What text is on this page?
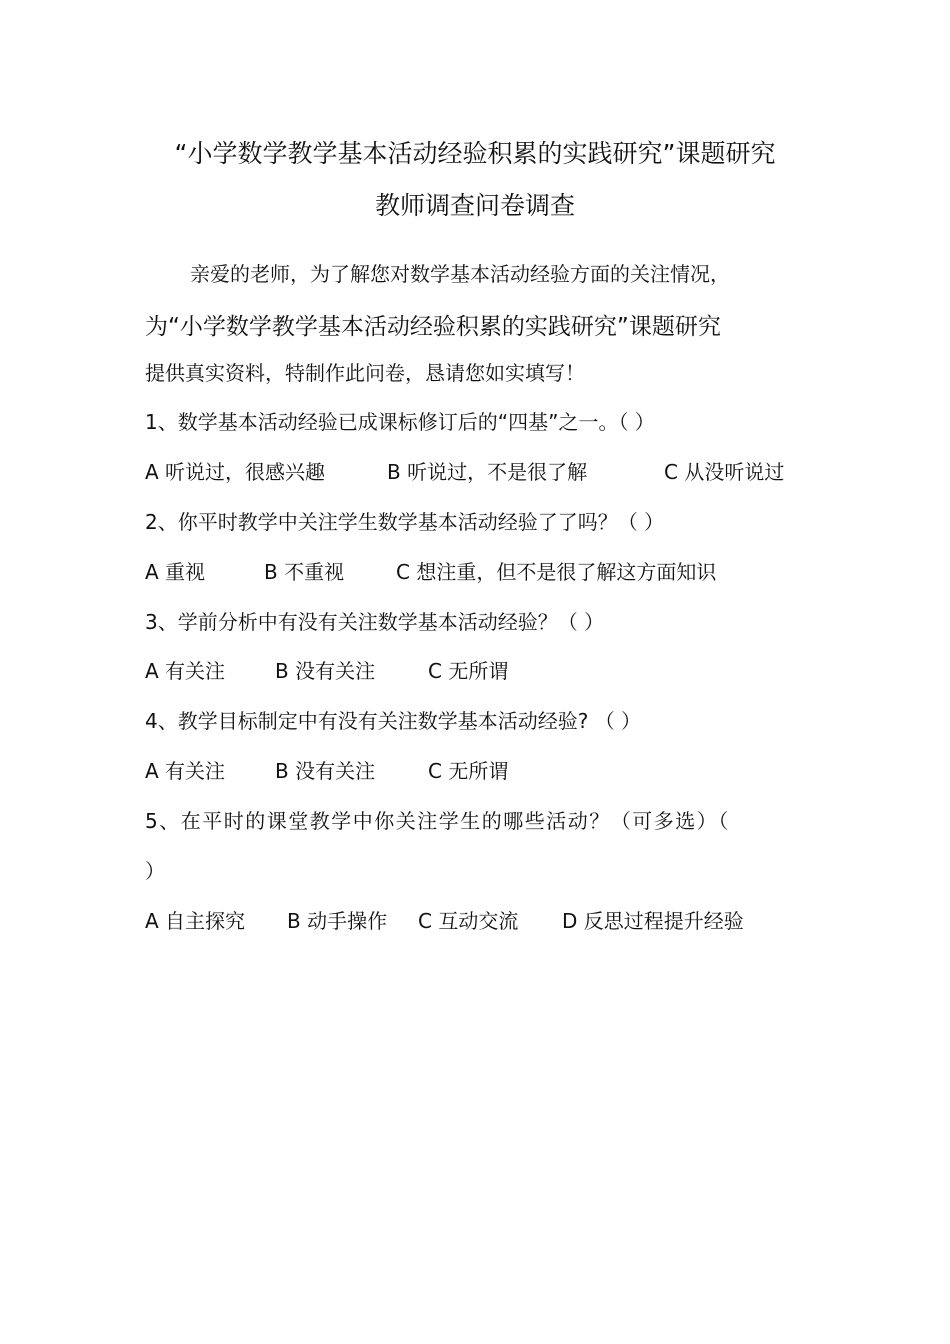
“小学数学教学基本活动经验积累的实践研究”课题研究
教师调查问卷调查
亲爱的老师，为了解您对数学基本活动经验方面的关注情况，
为“小学数学教学基本活动经验积累的实践研究”课题研究
提供真实资料，特制作此问卷，恳请您如实填写！
1、数学基本活动经验已成课标修订后的“四基”之一。（ ）
A 听说过，很感兴趣	B 听说过，不是很了解	C 从没听说过
2、你平时教学中关注学生数学基本活动经验了了吗？（ ）
A 重视	B 不重视	C 想注重，但不是很了解这方面知识
3、学前分析中有没有关注数学基本活动经验？（ ）
A 有关注 B 没有关注	C 无所谓
4、教学目标制定中有没有关注数学基本活动经验? （ ）
A 有关注 B 没有关注	C 无所谓
5、在平时的课堂教学中你关注学生的哪些活动？（可多选）（
）
A 自主探究 B 动手操作 C 互动交流 D 反思过程提升经验
